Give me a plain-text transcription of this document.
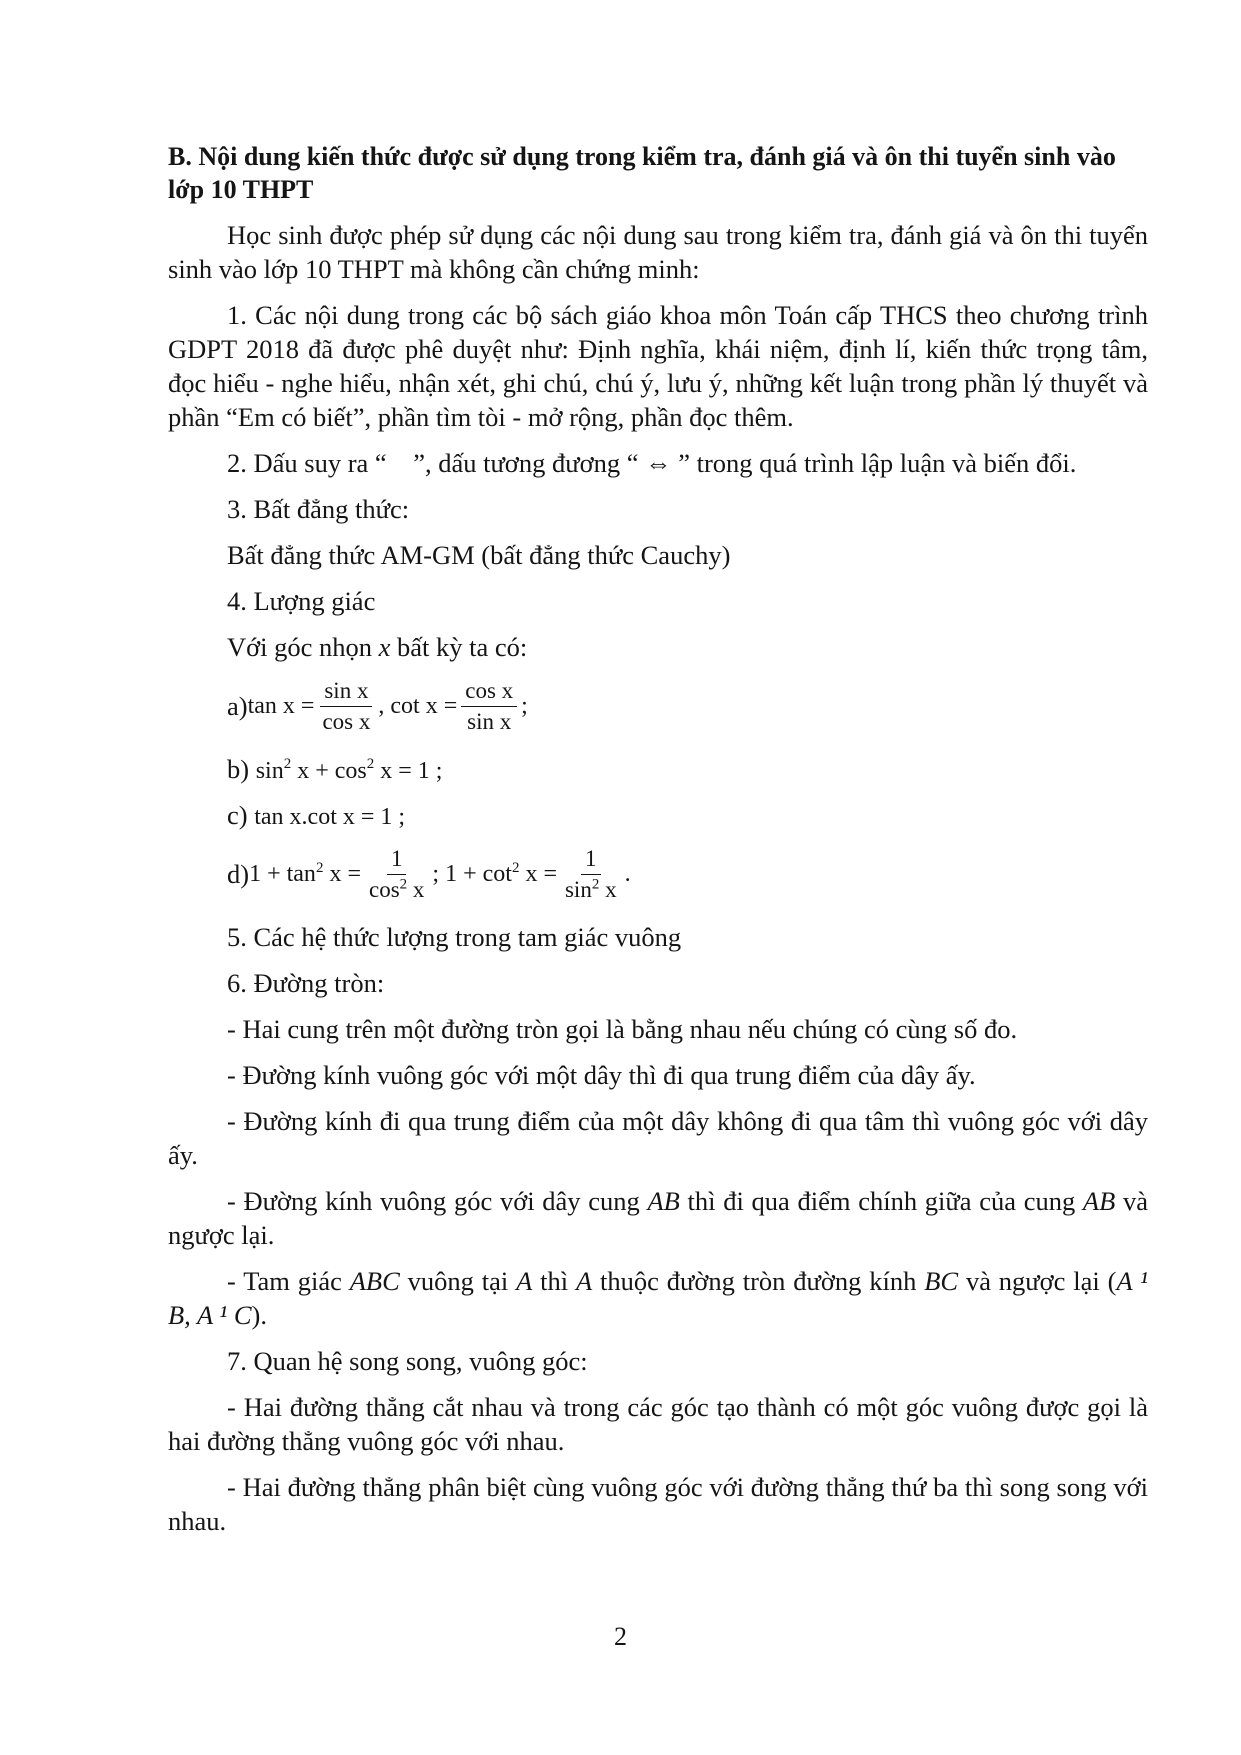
B. Nội dung kiến thức được sử dụng trong kiểm tra, đánh giá và ôn thi tuyển sinh vào lớp 10 THPT

Học sinh được phép sử dụng các nội dung sau trong kiểm tra, đánh giá và ôn thi tuyển sinh vào lớp 10 THPT mà không cần chứng minh:

1. Các nội dung trong các bộ sách giáo khoa môn Toán cấp THCS theo chương trình GDPT 2018 đã được phê duyệt như: Định nghĩa, khái niệm, định lí, kiến thức trọng tâm, đọc hiểu - nghe hiểu, nhận xét, ghi chú, chú ý, lưu ý, những kết luận trong phần lý thuyết và phần “Em có biết”, phần tìm tòi - mở rộng, phần đọc thêm.

2. Dấu suy ra “ ”, dấu tương đương “ ⇔ ” trong quá trình lập luận và biến đổi.

3. Bất đẳng thức:

Bất đẳng thức AM-GM (bất đẳng thức Cauchy)

4. Lượng giác

Với góc nhọn x bất kỳ ta có:

a) $\tan x = \frac{\text{sin x}}{\text{cos x}}$ , $\cot x = \frac{\text{cos x}}{\text{sin x}}$ ;
b) $\sin^2 x + \cos^2 x = 1$ ;
c) tan x.cot x = 1 ;
d) $1 + \tan^2 x = \frac{1}{\cos^2 x}$ ; $1 + \cot^2 x = \frac{1}{\sin^2 x}$ .

5. Các hệ thức lượng trong tam giác vuông

6. Đường tròn:

- Hai cung trên một đường tròn gọi là bằng nhau nếu chúng có cùng số đo.

- Đường kính vuông góc với một dây thì đi qua trung điểm của dây ấy.

- Đường kính đi qua trung điểm của một dây không đi qua tâm thì vuông góc với dây ấy.

- Đường kính vuông góc với dây cung AB thì đi qua điểm chính giữa của cung AB và ngược lại.

- Tam giác ABC vuông tại A thì A thuộc đường tròn đường kính BC và ngược lại (A ¹ B, A ¹ C).

7. Quan hệ song song, vuông góc:

- Hai đường thẳng cắt nhau và trong các góc tạo thành có một góc vuông được gọi là hai đường thẳng vuông góc với nhau.

- Hai đường thẳng phân biệt cùng vuông góc với đường thẳng thứ ba thì song song với nhau.

2
